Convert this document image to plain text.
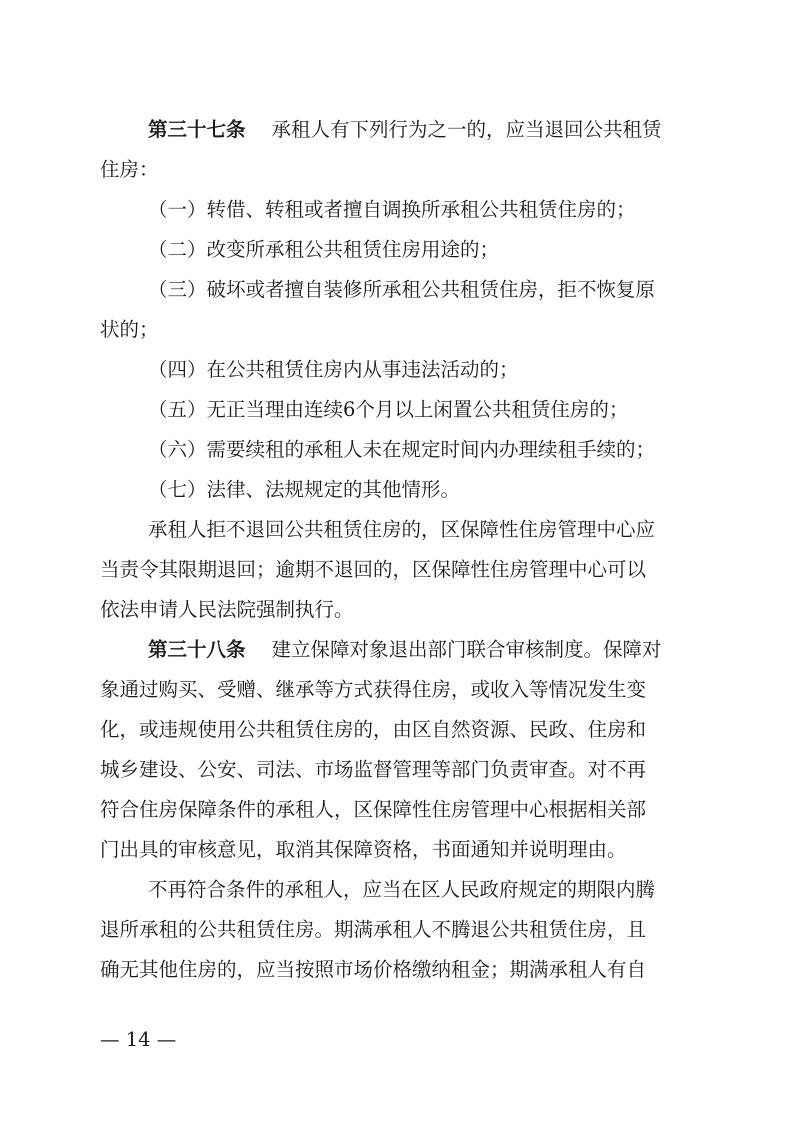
第三十七条 承租人有下列行为之一的，应当退回公共租赁
住房：
（一）转借、转租或者擅自调换所承租公共租赁住房的；
（二）改变所承租公共租赁住房用途的；
（三）破坏或者擅自装修所承租公共租赁住房，拒不恢复原
状的；
（四）在公共租赁住房内从事违法活动的；
（五）无正当理由连续6个月以上闲置公共租赁住房的；
（六）需要续租的承租人未在规定时间内办理续租手续的；
（七）法律、法规规定的其他情形。
承租人拒不退回公共租赁住房的，区保障性住房管理中心应
当责令其限期退回；逾期不退回的，区保障性住房管理中心可以
依法申请人民法院强制执行。
第三十八条 建立保障对象退出部门联合审核制度。保障对
象通过购买、受赠、继承等方式获得住房，或收入等情况发生变
化，或违规使用公共租赁住房的，由区自然资源、民政、住房和
城乡建设、公安、司法、市场监督管理等部门负责审查。对不再
符合住房保障条件的承租人，区保障性住房管理中心根据相关部
门出具的审核意见，取消其保障资格，书面通知并说明理由。
不再符合条件的承租人，应当在区人民政府规定的期限内腾
退所承租的公共租赁住房。期满承租人不腾退公共租赁住房，且
确无其他住房的，应当按照市场价格缴纳租金；期满承租人有自
— 14 —
